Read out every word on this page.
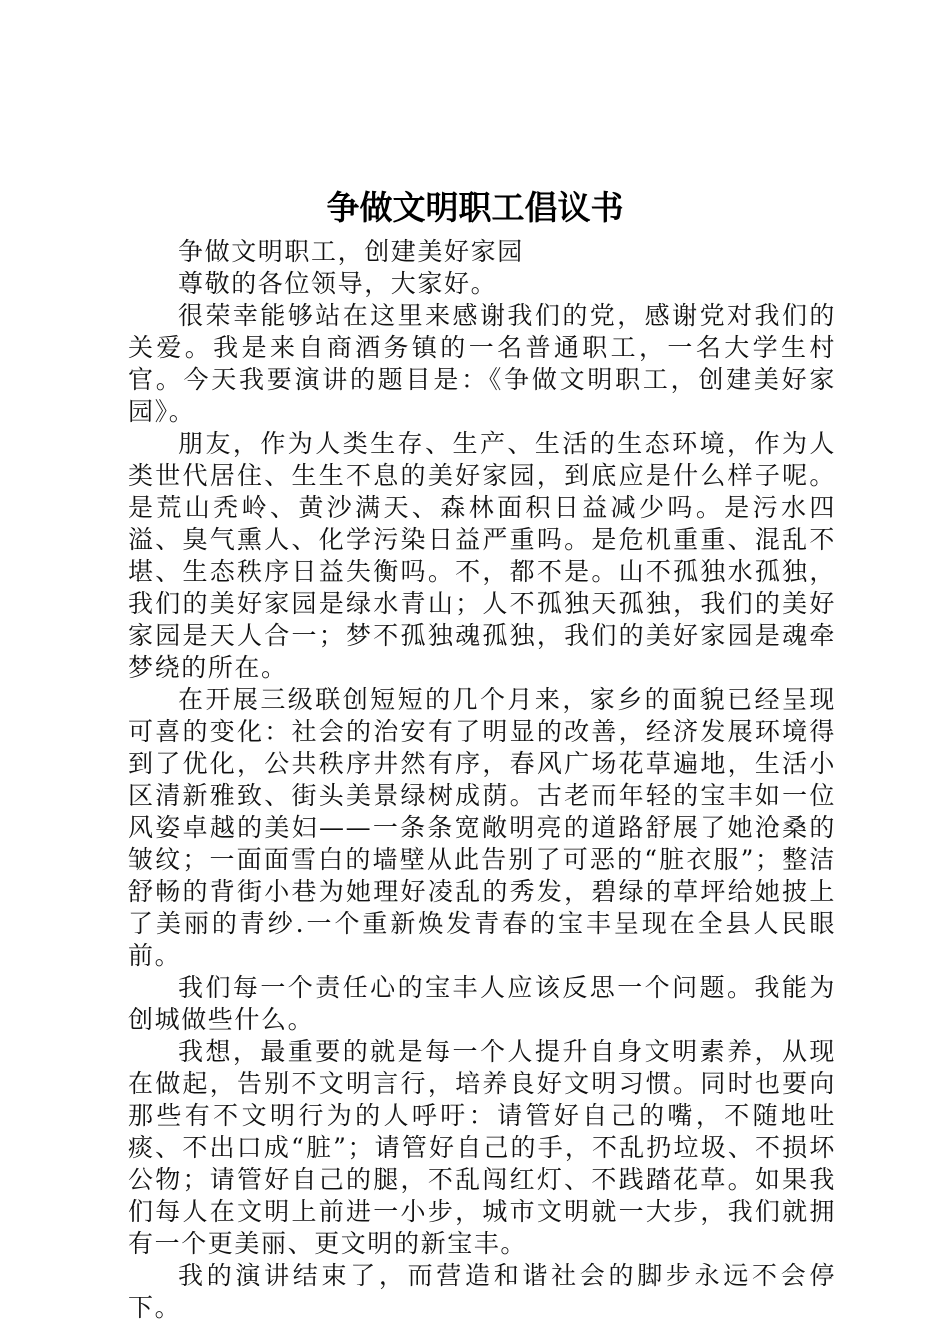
争做文明职工倡议书

争做文明职工，创建美好家园

尊敬的各位领导，大家好。

很荣幸能够站在这里来感谢我们的党，感谢党对我们的关爱。我是来自商酒务镇的一名普通职工，一名大学生村官。今天我要演讲的题目是：《争做文明职工，创建美好家园》。

朋友，作为人类生存、生产、生活的生态环境，作为人类世代居住、生生不息的美好家园，到底应是什么样子呢。是荒山秃岭、黄沙满天、森林面积日益减少吗。是污水四溢、臭气熏人、化学污染日益严重吗。是危机重重、混乱不堪、生态秩序日益失衡吗。不，都不是。山不孤独水孤独，我们的美好家园是绿水青山；人不孤独天孤独，我们的美好家园是天人合一；梦不孤独魂孤独，我们的美好家园是魂牵梦绕的所在。

在开展三级联创短短的几个月来，家乡的面貌已经呈现可喜的变化：社会的治安有了明显的改善，经济发展环境得到了优化，公共秩序井然有序，春风广场花草遍地，生活小区清新雅致、街头美景绿树成荫。古老而年轻的宝丰如一位风姿卓越的美妇——一条条宽敞明亮的道路舒展了她沧桑的皱纹；一面面雪白的墙壁从此告别了可恶的“脏衣服”；整洁舒畅的背街小巷为她理好凌乱的秀发，碧绿的草坪给她披上了美丽的青纱.一个重新焕发青春的宝丰呈现在全县人民眼前。

我们每一个责任心的宝丰人应该反思一个问题。我能为创城做些什么。

我想，最重要的就是每一个人提升自身文明素养，从现在做起，告别不文明言行，培养良好文明习惯。同时也要向那些有不文明行为的人呼吁：请管好自己的嘴，不随地吐痰、不出口成“脏”；请管好自己的手，不乱扔垃圾、不损坏公物；请管好自己的腿，不乱闯红灯、不践踏花草。如果我们每人在文明上前进一小步，城市文明就一大步，我们就拥有一个更美丽、更文明的新宝丰。

我的演讲结束了，而营造和谐社会的脚步永远不会停下。
